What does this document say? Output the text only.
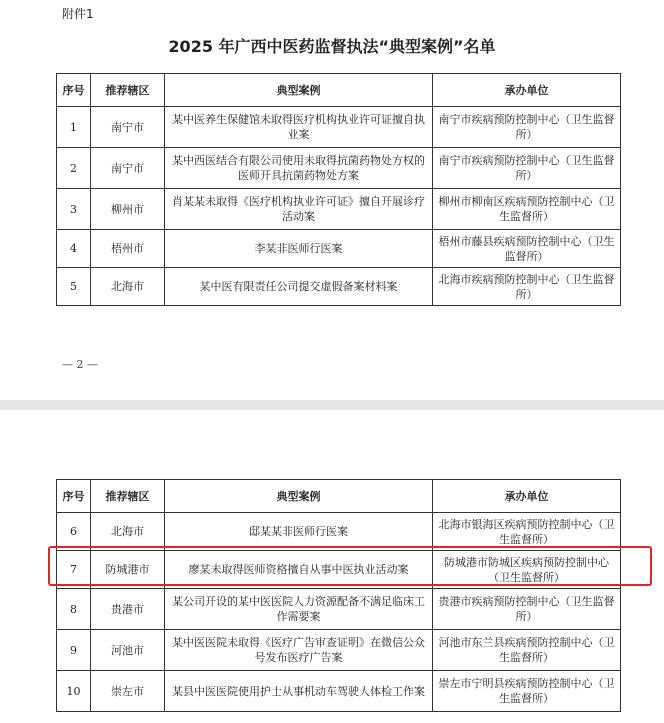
附件1
2025 年广西中医药监督执法“典型案例”名单
序号	推荐辖区	典型案例	承办单位
1	南宁市	某中医养生保健馆未取得医疗机构执业许可证擅自执业案	南宁市疾病预防控制中心（卫生监督所）
2	南宁市	某中西医结合有限公司使用未取得抗菌药物处方权的医师开具抗菌药物处方案	南宁市疾病预防控制中心（卫生监督所）
3	柳州市	肖某某未取得《医疗机构执业许可证》擅自开展诊疗活动案	柳州市柳南区疾病预防控制中心（卫生监督所）
4	梧州市	李某非医师行医案	梧州市藤县疾病预防控制中心（卫生监督所）
5	北海市	某中医有限责任公司提交虚假备案材料案	北海市疾病预防控制中心（卫生监督所）
— 2 —
序号	推荐辖区	典型案例	承办单位
6	北海市	邸某某非医师行医案	北海市银海区疾病预防控制中心（卫生监督所）
7	防城港市	廖某未取得医师资格擅自从事中医执业活动案	防城港市防城区疾病预防控制中心（卫生监督所）
8	贵港市	某公司开设的某中医医院人力资源配备不满足临床工作需要案	贵港市疾病预防控制中心（卫生监督所）
9	河池市	某中医医院未取得《医疗广告审查证明》在微信公众号发布医疗广告案	河池市东兰县疾病预防控制中心（卫生监督所）
10	崇左市	某县中医医院使用护士从事机动车驾驶人体检工作案	崇左市宁明县疾病预防控制中心（卫生监督所）
